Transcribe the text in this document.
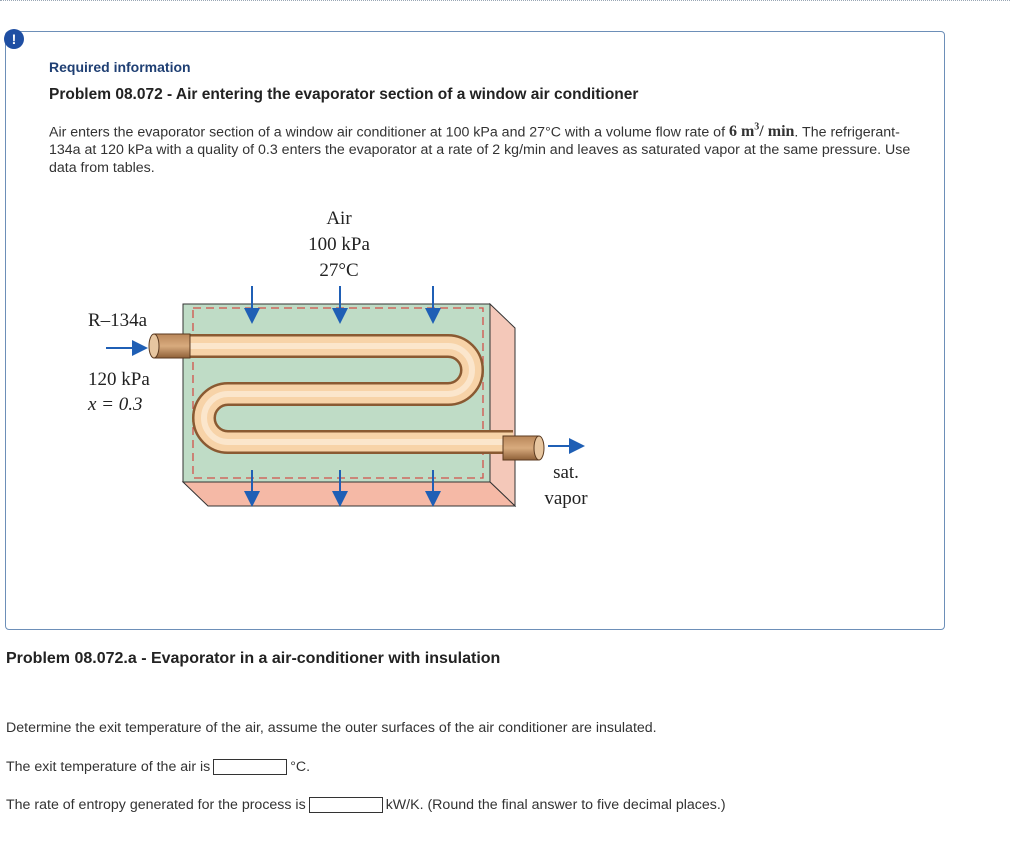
Required information
Problem 08.072 - Air entering the evaporator section of a window air conditioner
Air enters the evaporator section of a window air conditioner at 100 kPa and 27°C with a volume flow rate of 6 $m^3/$ min. The refrigerant-134a at 120 kPa with a quality of 0.3 enters the evaporator at a rate of 2 kg/min and leaves as saturated vapor at the same pressure. Use data from tables.
!
Air
100 kPa
27°C
R–134a
120 kPa
x = 0.3
sat.
vapor
Problem 08.072.a - Evaporator in a air-conditioner with insulation
Determine the exit temperature of the air, assume the outer surfaces of the air conditioner are insulated.
The exit temperature of the air is	°C.
The rate of entropy generated for the process is	kW/K. (Round the final answer to five decimal places.)
